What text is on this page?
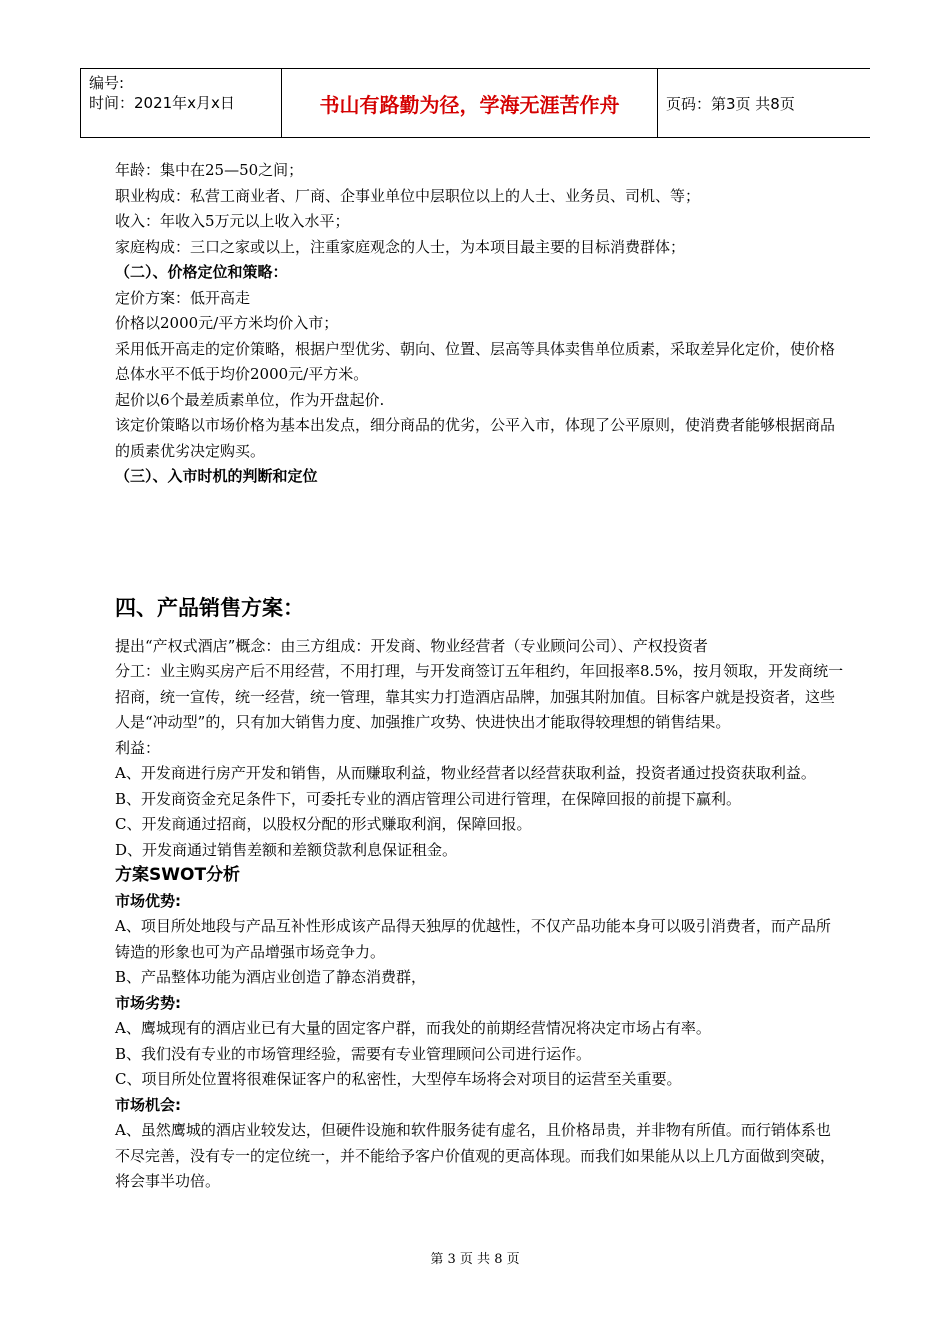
编号:
时间：2021年x月x日	书山有路勤为径，学海无涯苦作舟	页码：第3页 共8页

年龄：集中在25—50之间；

职业构成：私营工商业者、厂商、企事业单位中层职位以上的人士、业务员、司机、等；

收入：年收入5万元以上收入水平；

家庭构成：三口之家或以上，注重家庭观念的人士，为本项目最主要的目标消费群体；

（二）、价格定位和策略：

定价方案：低开高走

价格以2000元/平方米均价入市；

采用低开高走的定价策略，根据户型优劣、朝向、位置、层高等具体卖售单位质素，采取差异化定价，使价格总体水平不低于均价2000元/平方米。

起价以6个最差质素单位，作为开盘起价.

该定价策略以市场价格为基本出发点，细分商品的优劣，公平入市，体现了公平原则，使消费者能够根据商品的质素优劣决定购买。

（三）、入市时机的判断和定位

四、产品销售方案：

提出“产权式酒店”概念：由三方组成：开发商、物业经营者（专业顾问公司）、产权投资者

分工：业主购买房产后不用经营，不用打理，与开发商签订五年租约，年回报率8.5%，按月领取，开发商统一招商，统一宣传，统一经营，统一管理，靠其实力打造酒店品牌，加强其附加值。目标客户就是投资者，这些人是“冲动型”的，只有加大销售力度、加强推广攻势、快进快出才能取得较理想的销售结果。

利益：

A、开发商进行房产开发和销售，从而赚取利益，物业经营者以经营获取利益，投资者通过投资获取利益。

B、开发商资金充足条件下，可委托专业的酒店管理公司进行管理，在保障回报的前提下赢利。

C、开发商通过招商，以股权分配的形式赚取利润，保障回报。

D、开发商通过销售差额和差额贷款利息保证租金。

方案SWOT分析

市场优势:

A、项目所处地段与产品互补性形成该产品得天独厚的优越性，不仅产品功能本身可以吸引消费者，而产品所铸造的形象也可为产品增强市场竞争力。

B、产品整体功能为酒店业创造了静态消费群，

市场劣势:

A、鹰城现有的酒店业已有大量的固定客户群，而我处的前期经营情况将决定市场占有率。

B、我们没有专业的市场管理经验，需要有专业管理顾问公司进行运作。

C、项目所处位置将很难保证客户的私密性，大型停车场将会对项目的运营至关重要。

市场机会:

A、虽然鹰城的酒店业较发达，但硬件设施和软件服务徒有虚名，且价格昂贵，并非物有所值。而行销体系也不尽完善，没有专一的定位统一，并不能给予客户价值观的更高体现。而我们如果能从以上几方面做到突破，将会事半功倍。

第 3 页 共 8 页
